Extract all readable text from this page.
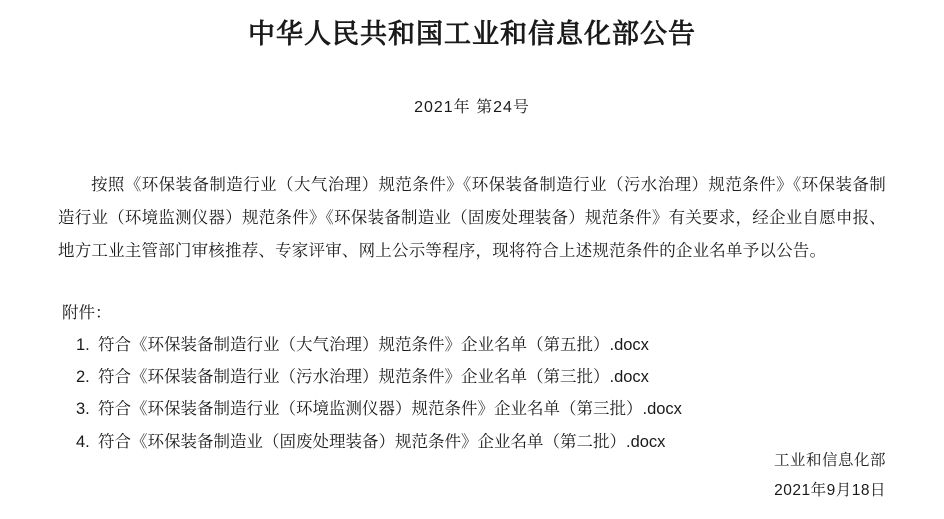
中华人民共和国工业和信息化部公告
2021年 第24号
按照《环保装备制造行业（大气治理）规范条件》《环保装备制造行业（污水治理）规范条件》《环保装备制造行业（环境监测仪器）规范条件》《环保装备制造业（固废处理装备）规范条件》有关要求，经企业自愿申报、地方工业主管部门审核推荐、专家评审、网上公示等程序，现将符合上述规范条件的企业名单予以公告。
附件：
1. 符合《环保装备制造行业（大气治理）规范条件》企业名单（第五批）.docx
2. 符合《环保装备制造行业（污水治理）规范条件》企业名单（第三批）.docx
3. 符合《环保装备制造行业（环境监测仪器）规范条件》企业名单（第三批）.docx
4. 符合《环保装备制造业（固废处理装备）规范条件》企业名单（第二批）.docx
工业和信息化部
2021年9月18日
